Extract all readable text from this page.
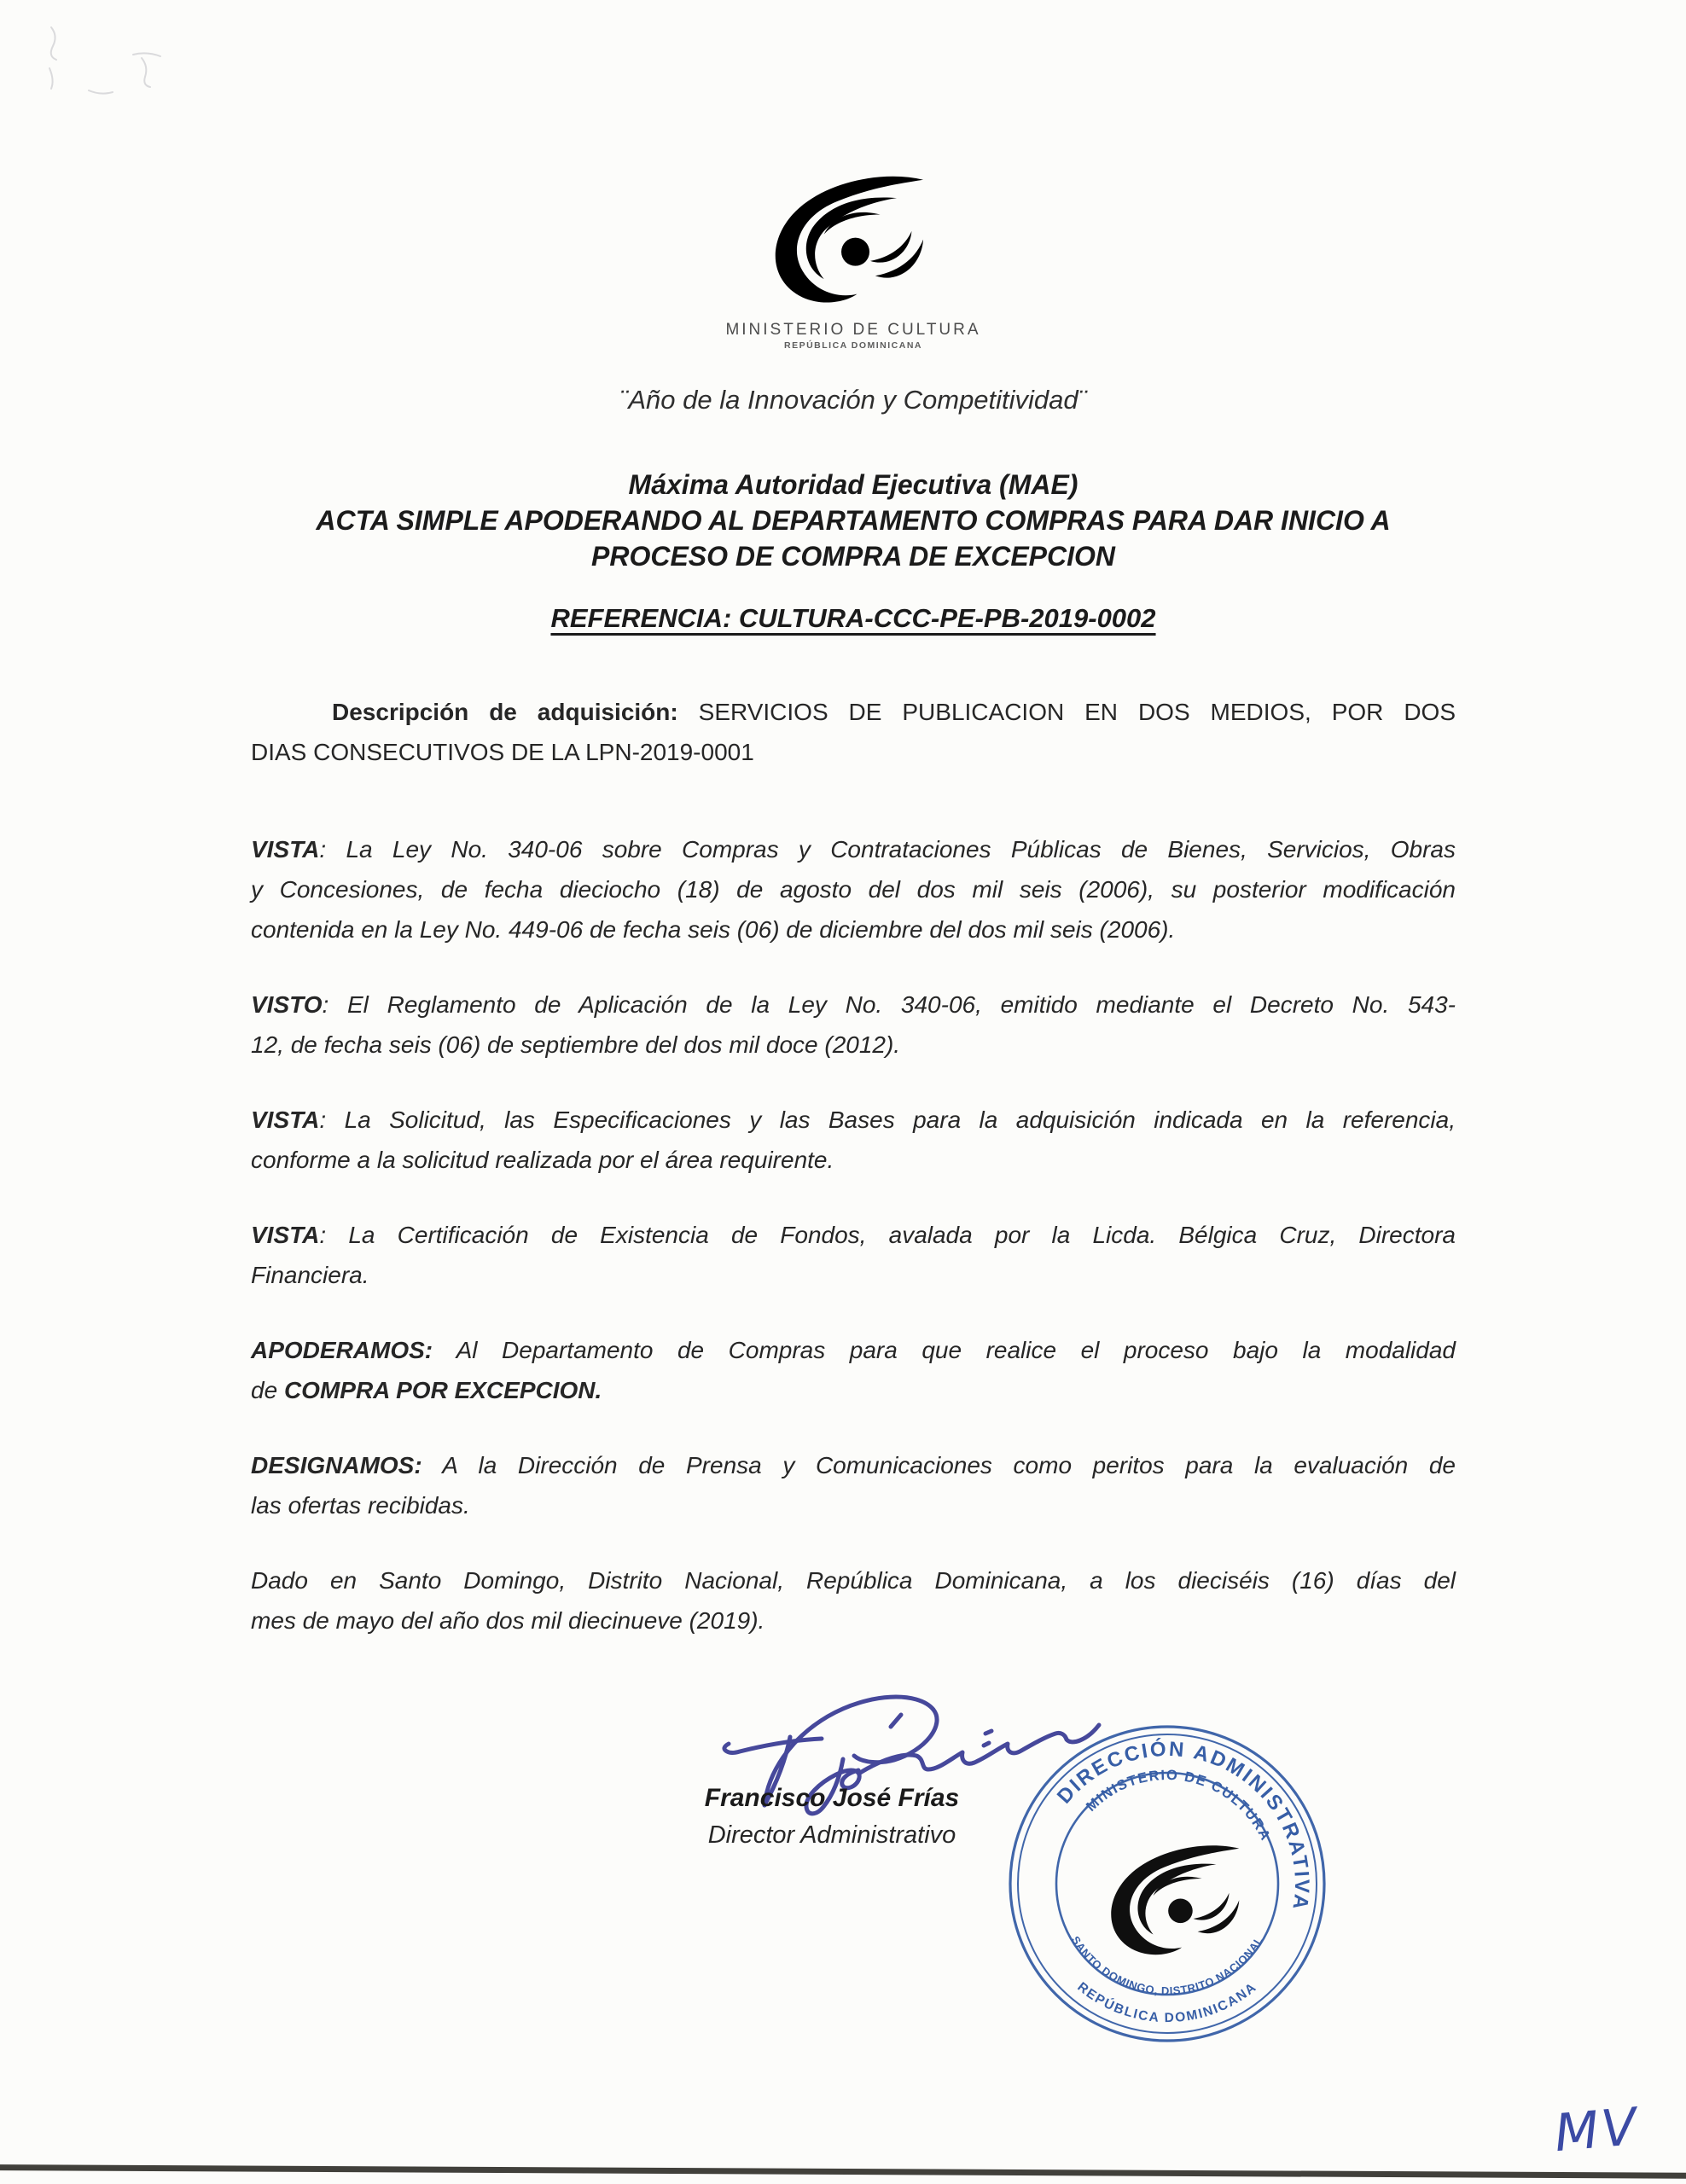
MINISTERIO DE CULTURA
REPÚBLICA DOMINICANA
¨Año de la Innovación y Competitividad¨
Máxima Autoridad Ejecutiva (MAE)
ACTA SIMPLE APODERANDO AL DEPARTAMENTO COMPRAS PARA DAR INICIO A
PROCESO DE COMPRA DE EXCEPCION
REFERENCIA: CULTURA-CCC-PE-PB-2019-0002
Descripción de adquisición: SERVICIOS DE PUBLICACION EN DOS MEDIOS, POR DOS
DIAS CONSECUTIVOS DE LA LPN-2019-0001
VISTA: La Ley No. 340-06 sobre Compras y Contrataciones Públicas de Bienes, Servicios, Obras
y Concesiones, de fecha dieciocho (18) de agosto del dos mil seis (2006), su posterior modificación
contenida en la Ley No. 449-06 de fecha seis (06) de diciembre del dos mil seis (2006).
VISTO: El Reglamento de Aplicación de la Ley No. 340-06, emitido mediante el Decreto No. 543-
12, de fecha seis (06) de septiembre del dos mil doce (2012).
VISTA: La Solicitud, las Especificaciones y las Bases para la adquisición indicada en la referencia,
conforme a la solicitud realizada por el área requirente.
VISTA: La Certificación de Existencia de Fondos, avalada por la Licda. Bélgica Cruz, Directora
Financiera.
APODERAMOS: Al Departamento de Compras para que realice el proceso bajo la modalidad
de COMPRA POR EXCEPCION.
DESIGNAMOS: A la Dirección de Prensa y Comunicaciones como peritos para la evaluación de
las ofertas recibidas.
Dado en Santo Domingo, Distrito Nacional, República Dominicana, a los dieciséis (16) días del
mes de mayo del año dos mil diecinueve (2019).
Francisco José Frías
Director Administrativo
DIRECCIÓN ADMINISTRATIVA
MINISTERIO DE CULTURA
SANTO DOMINGO, DISTRITO NACIONAL
REPÚBLICA DOMINICANA
MV
